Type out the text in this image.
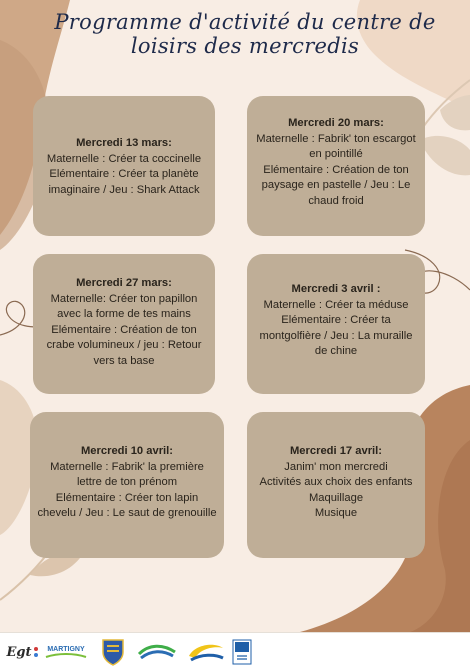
Programme d'activité du centre de
loisirs des mercredis
Mercredi 13 mars:
Maternelle : Créer ta coccinelle
Elémentaire : Créer ta planète
imaginaire / Jeu : Shark Attack
Mercredi 20 mars:
Maternelle : Fabrik' ton escargot
en pointillé
Elémentaire : Création de ton
paysage en pastelle / Jeu : Le
chaud froid
Mercredi 27 mars:
Maternelle: Créer ton papillon
avec la forme de tes mains
Elémentaire : Création de ton
crabe volumineux / jeu : Retour
vers ta base
Mercredi 3 avril :
Maternelle : Créer ta méduse
Elémentaire : Créer ta
montgolfière / Jeu : La muraille
de chine
Mercredi 10 avril:
Maternelle : Fabrik' la première
lettre de ton prénom
Elémentaire : Créer ton lapin
chevelu / Jeu : Le saut de grenouille
Mercredi 17 avril:
Janim' mon mercredi
Activités aux choix des enfants
Maquillage
Musique
Egt MARTIGNY
